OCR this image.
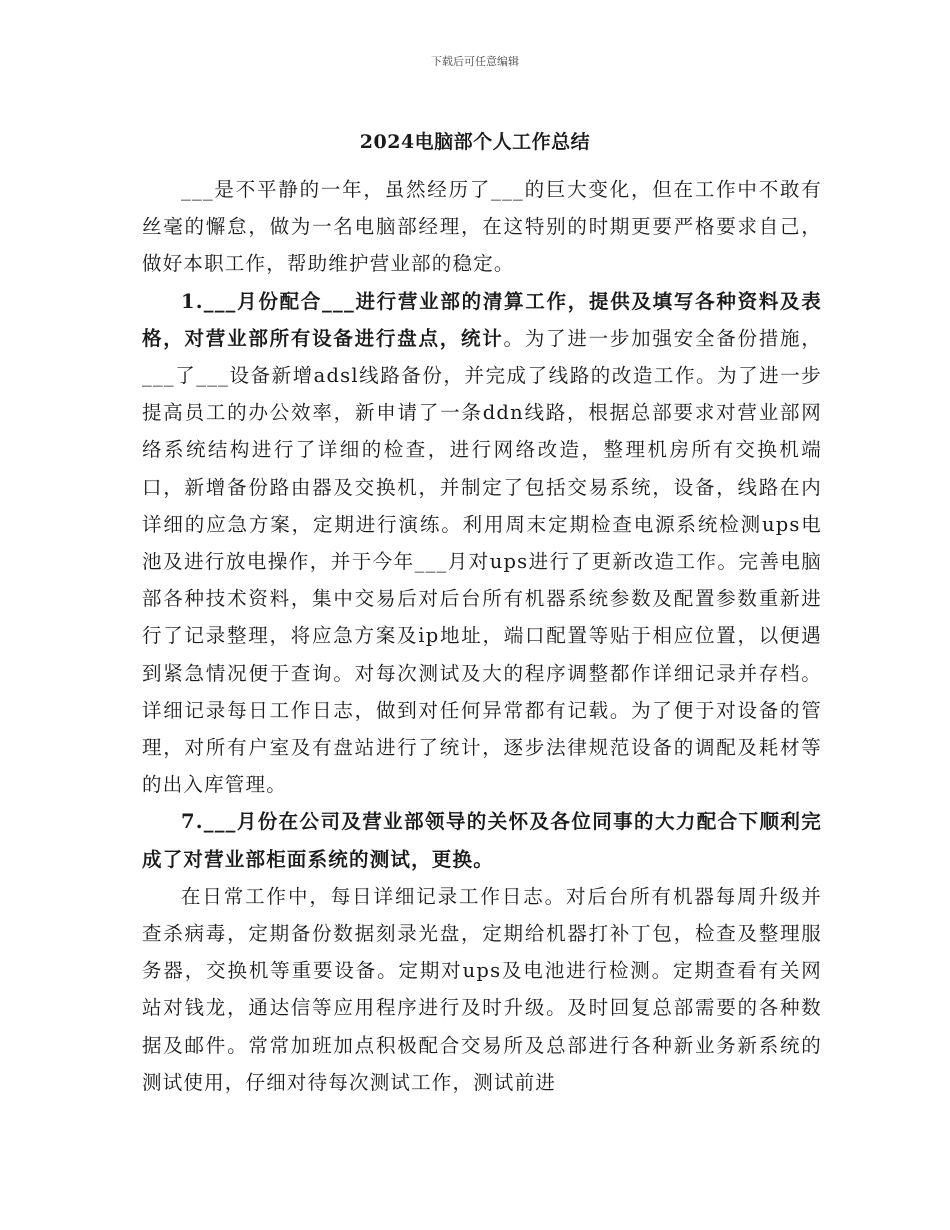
下载后可任意编辑
2024电脑部个人工作总结

___是不平静的一年，虽然经历了___的巨大变化，但在工作中不敢有丝毫的懈怠，做为一名电脑部经理，在这特别的时期更要严格要求自己，做好本职工作，帮助维护营业部的稳定。

1.___月份配合___进行营业部的清算工作，提供及填写各种资料及表格，对营业部所有设备进行盘点，统计。为了进一步加强安全备份措施，___了___设备新增adsl线路备份，并完成了线路的改造工作。为了进一步提高员工的办公效率，新申请了一条ddn线路，根据总部要求对营业部网络系统结构进行了详细的检查，进行网络改造，整理机房所有交换机端口，新增备份路由器及交换机，并制定了包括交易系统，设备，线路在内详细的应急方案，定期进行演练。利用周末定期检查电源系统检测ups电池及进行放电操作，并于今年___月对ups进行了更新改造工作。完善电脑部各种技术资料，集中交易后对后台所有机器系统参数及配置参数重新进行了记录整理，将应急方案及ip地址，端口配置等贴于相应位置，以便遇到紧急情况便于查询。对每次测试及大的程序调整都作详细记录并存档。详细记录每日工作日志，做到对任何异常都有记载。为了便于对设备的管理，对所有户室及有盘站进行了统计，逐步法律规范设备的调配及耗材等的出入库管理。

7.___月份在公司及营业部领导的关怀及各位同事的大力配合下顺利完成了对营业部柜面系统的测试，更换。

在日常工作中，每日详细记录工作日志。对后台所有机器每周升级并查杀病毒，定期备份数据刻录光盘，定期给机器打补丁包，检查及整理服务器，交换机等重要设备。定期对ups及电池进行检测。定期查看有关网站对钱龙，通达信等应用程序进行及时升级。及时回复总部需要的各种数据及邮件。常常加班加点积极配合交易所及总部进行各种新业务新系统的测试使用，仔细对待每次测试工作，测试前进
